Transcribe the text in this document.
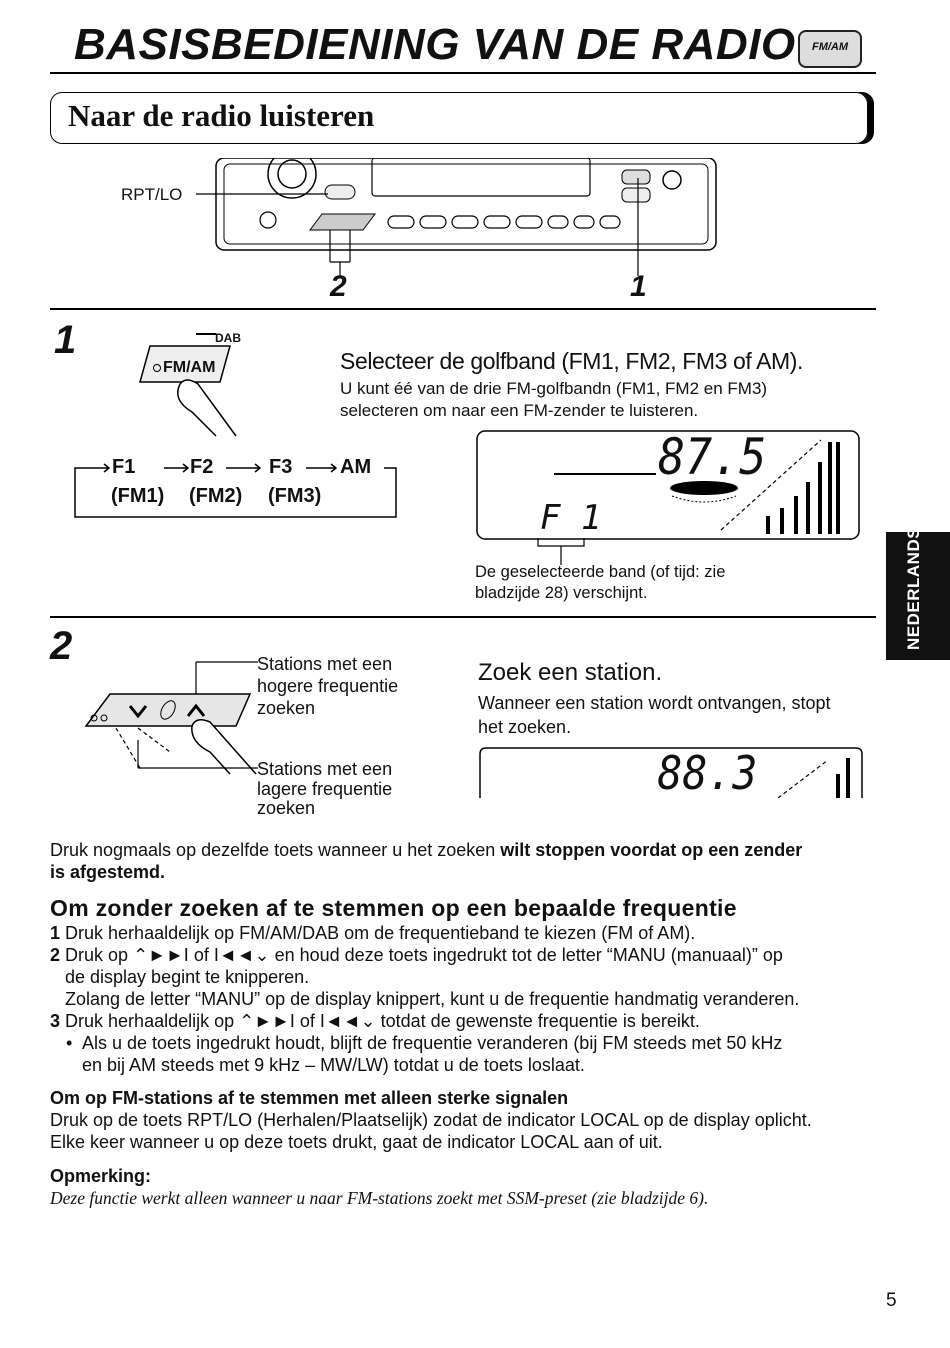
BASISBEDIENING VAN DE RADIO	FM/AM
Naar de radio luisteren
RPT/LO
2	1
1	DAB
FM/AM	Selecteer de golfband (FM1, FM2, FM3 of AM).
U kunt éé van de drie FM-golfbandn (FM1, FM2 en FM3)
selecteren om naar een FM-zender te luisteren.
F1	F2	F3 AM
(FM1) (FM2) (FM3)
87.5
F 1
De geselecteerde band (of tijd: zie
bladzijde 28) verschijnt.
2	Stations met een
hogere frequentie
zoeken
Stations met een
lagere frequentie
zoeken
Zoek een station.
Wanneer een station wordt ontvangen, stopt
het zoeken.
88.3
Druk nogmaals op dezelfde toets wanneer u het zoeken wilt stoppen voordat op een zender
is afgestemd.
Om zonder zoeken af te stemmen op een bepaalde frequentie
1 Druk herhaaldelijk op FM/AM/DAB om de frequentieband te kiezen (FM of AM).
2 Druk op ⌃►►I of I◄◄⌄ en houd deze toets ingedrukt tot de letter “MANU (manuaal)” op
de display begint te knipperen.
Zolang de letter “MANU” op de display knippert, kunt u de frequentie handmatig veranderen.
3 Druk herhaaldelijk op ⌃►►I of I◄◄⌄ totdat de gewenste frequentie is bereikt.
• Als u de toets ingedrukt houdt, blijft de frequentie veranderen (bij FM steeds met 50 kHz
en bij AM steeds met 9 kHz – MW/LW) totdat u de toets loslaat.
Om op FM-stations af te stemmen met alleen sterke signalen
Druk op de toets RPT/LO (Herhalen/Plaatselijk) zodat de indicator LOCAL op de display oplicht.
Elke keer wanneer u op deze toets drukt, gaat de indicator LOCAL aan of uit.
Opmerking:
Deze functie werkt alleen wanneer u naar FM-stations zoekt met SSM-preset (zie bladzijde 6).
NEDERLANDS
5
